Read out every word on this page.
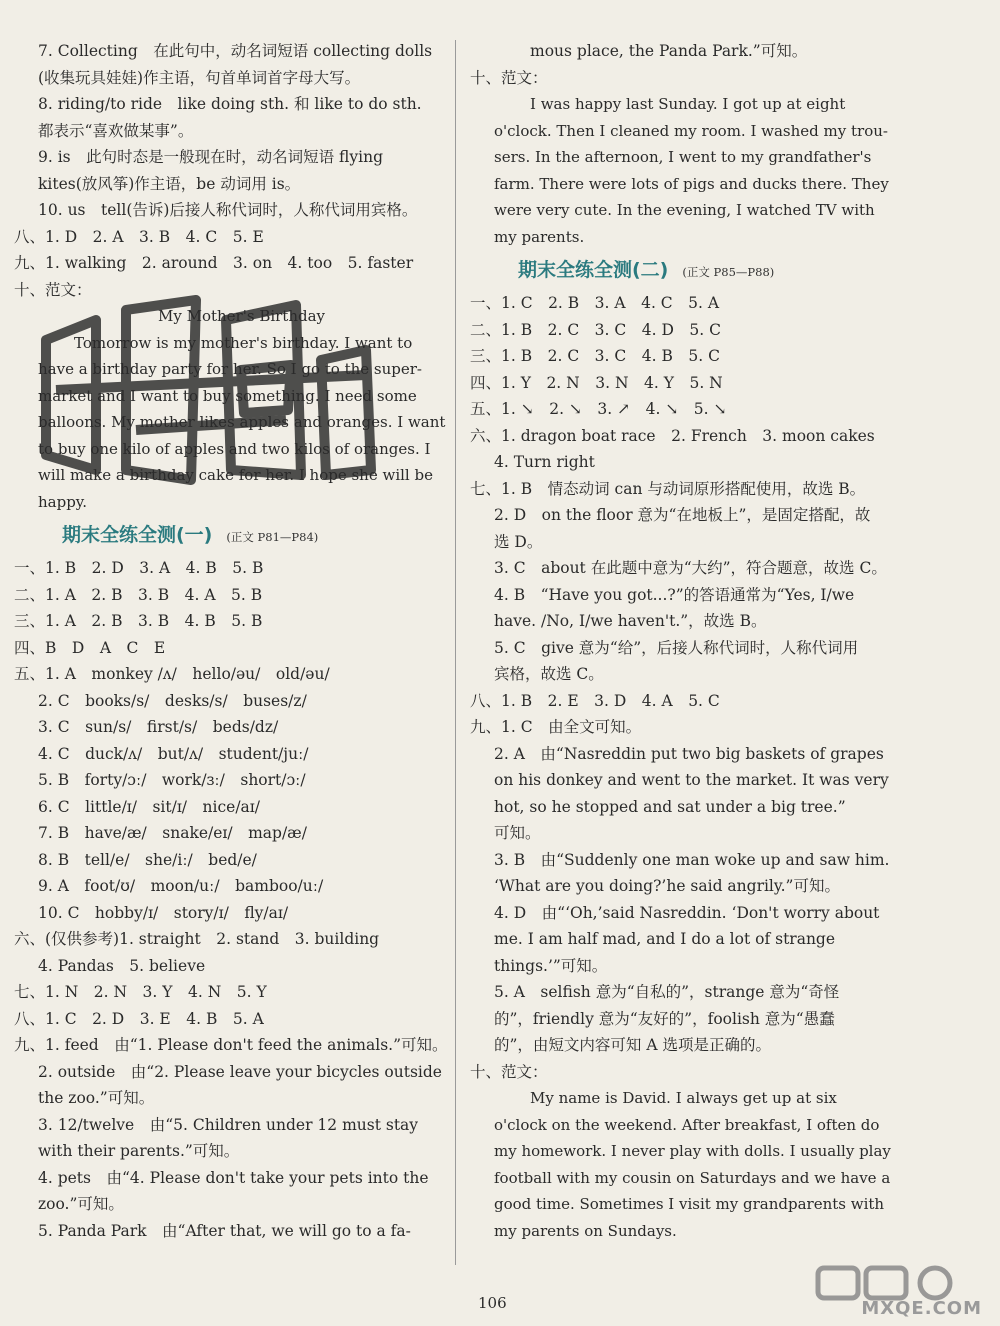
7. Collecting　在此句中，动名词短语 collecting dolls
(收集玩具娃娃)作主语，句首单词首字母大写。
8. riding/to ride　like doing sth. 和 like to do sth.
都表示“喜欢做某事”。
9. is　此句时态是一般现在时，动名词短语 flying
kites(放风筝)作主语，be 动词用 is。
10. us　tell(告诉)后接人称代词时，人称代词用宾格。
八、1. D　2. A　3. B　4. C　5. E
九、1. walking　2. around　3. on　4. too　5. faster
十、范文：
My Mother's Birthday
Tomorrow is my mother's birthday. I want to
have a birthday party for her. So I go to the super-
market and I want to buy something. I need some
balloons. My mother likes apples and oranges. I want
to buy one kilo of apples and two kilos of oranges. I
will make a birthday cake for her. I hope she will be
happy.
期末全练全测(一) (正文 P81—P84)
一、1. B　2. D　3. A　4. B　5. B
二、1. A　2. B　3. B　4. A　5. B
三、1. A　2. B　3. B　4. B　5. B
四、B　D　A　C　E
五、1. A　monkey /ʌ/　hello/əu/　old/əu/
2. C　books/s/　desks/s/　buses/z/
3. C　sun/s/　first/s/　beds/dz/
4. C　duck/ʌ/　but/ʌ/　student/juː/
5. B　forty/ɔː/　work/ɜː/　short/ɔː/
6. C　little/ɪ/　sit/ɪ/　nice/aɪ/
7. B　have/æ/　snake/eɪ/　map/æ/
8. B　tell/e/　she/iː/　bed/e/
9. A　foot/ʊ/　moon/uː/　bamboo/uː/
10. C　hobby/ɪ/　story/ɪ/　fly/aɪ/
六、(仅供参考)1. straight　2. stand　3. building
4. Pandas　5. believe
七、1. N　2. N　3. Y　4. N　5. Y
八、1. C　2. D　3. E　4. B　5. A
九、1. feed　由“1. Please don't feed the animals.”可知。
2. outside　由“2. Please leave your bicycles outside
the zoo.”可知。
3. 12/twelve　由“5. Children under 12 must stay
with their parents.”可知。
4. pets　由“4. Please don't take your pets into the
zoo.”可知。
5. Panda Park　由“After that, we will go to a fa-
mous place, the Panda Park.”可知。
十、范文：
I was happy last Sunday. I got up at eight
o'clock. Then I cleaned my room. I washed my trou-
sers. In the afternoon, I went to my grandfather's
farm. There were lots of pigs and ducks there. They
were very cute. In the evening, I watched TV with
my parents.
期末全练全测(二) (正文 P85—P88)
一、1. C　2. B　3. A　4. C　5. A
二、1. B　2. C　3. C　4. D　5. C
三、1. B　2. C　3. C　4. B　5. C
四、1. Y　2. N　3. N　4. Y　5. N
五、1. ↘　2. ↘　3. ↗　4. ↘　5. ↘
六、1. dragon boat race　2. French　3. moon cakes
4. Turn right
七、1. B　情态动词 can 与动词原形搭配使用，故选 B。
2. D　on the floor 意为“在地板上”，是固定搭配，故
选 D。
3. C　about 在此题中意为“大约”，符合题意，故选 C。
4. B　“Have you got...?”的答语通常为“Yes, I/we
have. /No, I/we haven't.”，故选 B。
5. C　give 意为“给”，后接人称代词时，人称代词用
宾格，故选 C。
八、1. B　2. E　3. D　4. A　5. C
九、1. C　由全文可知。
2. A　由“Nasreddin put two big baskets of grapes
on his donkey and went to the market. It was very
hot, so he stopped and sat under a big tree.”
可知。
3. B　由“Suddenly one man woke up and saw him.
‘What are you doing?’he said angrily.”可知。
4. D　由“‘Oh,’said Nasreddin. ‘Don't worry about
me. I am half mad, and I do a lot of strange
things.’”可知。
5. A　selfish 意为“自私的”，strange 意为“奇怪
的”，friendly 意为“友好的”，foolish 意为“愚蠢
的”，由短文内容可知 A 选项是正确的。
十、范文：
My name is David. I always get up at six
o'clock on the weekend. After breakfast, I often do
my homework. I never play with dolls. I usually play
football with my cousin on Saturdays and we have a
good time. Sometimes I visit my grandparents with
my parents on Sundays.
106	MXQE.COM
